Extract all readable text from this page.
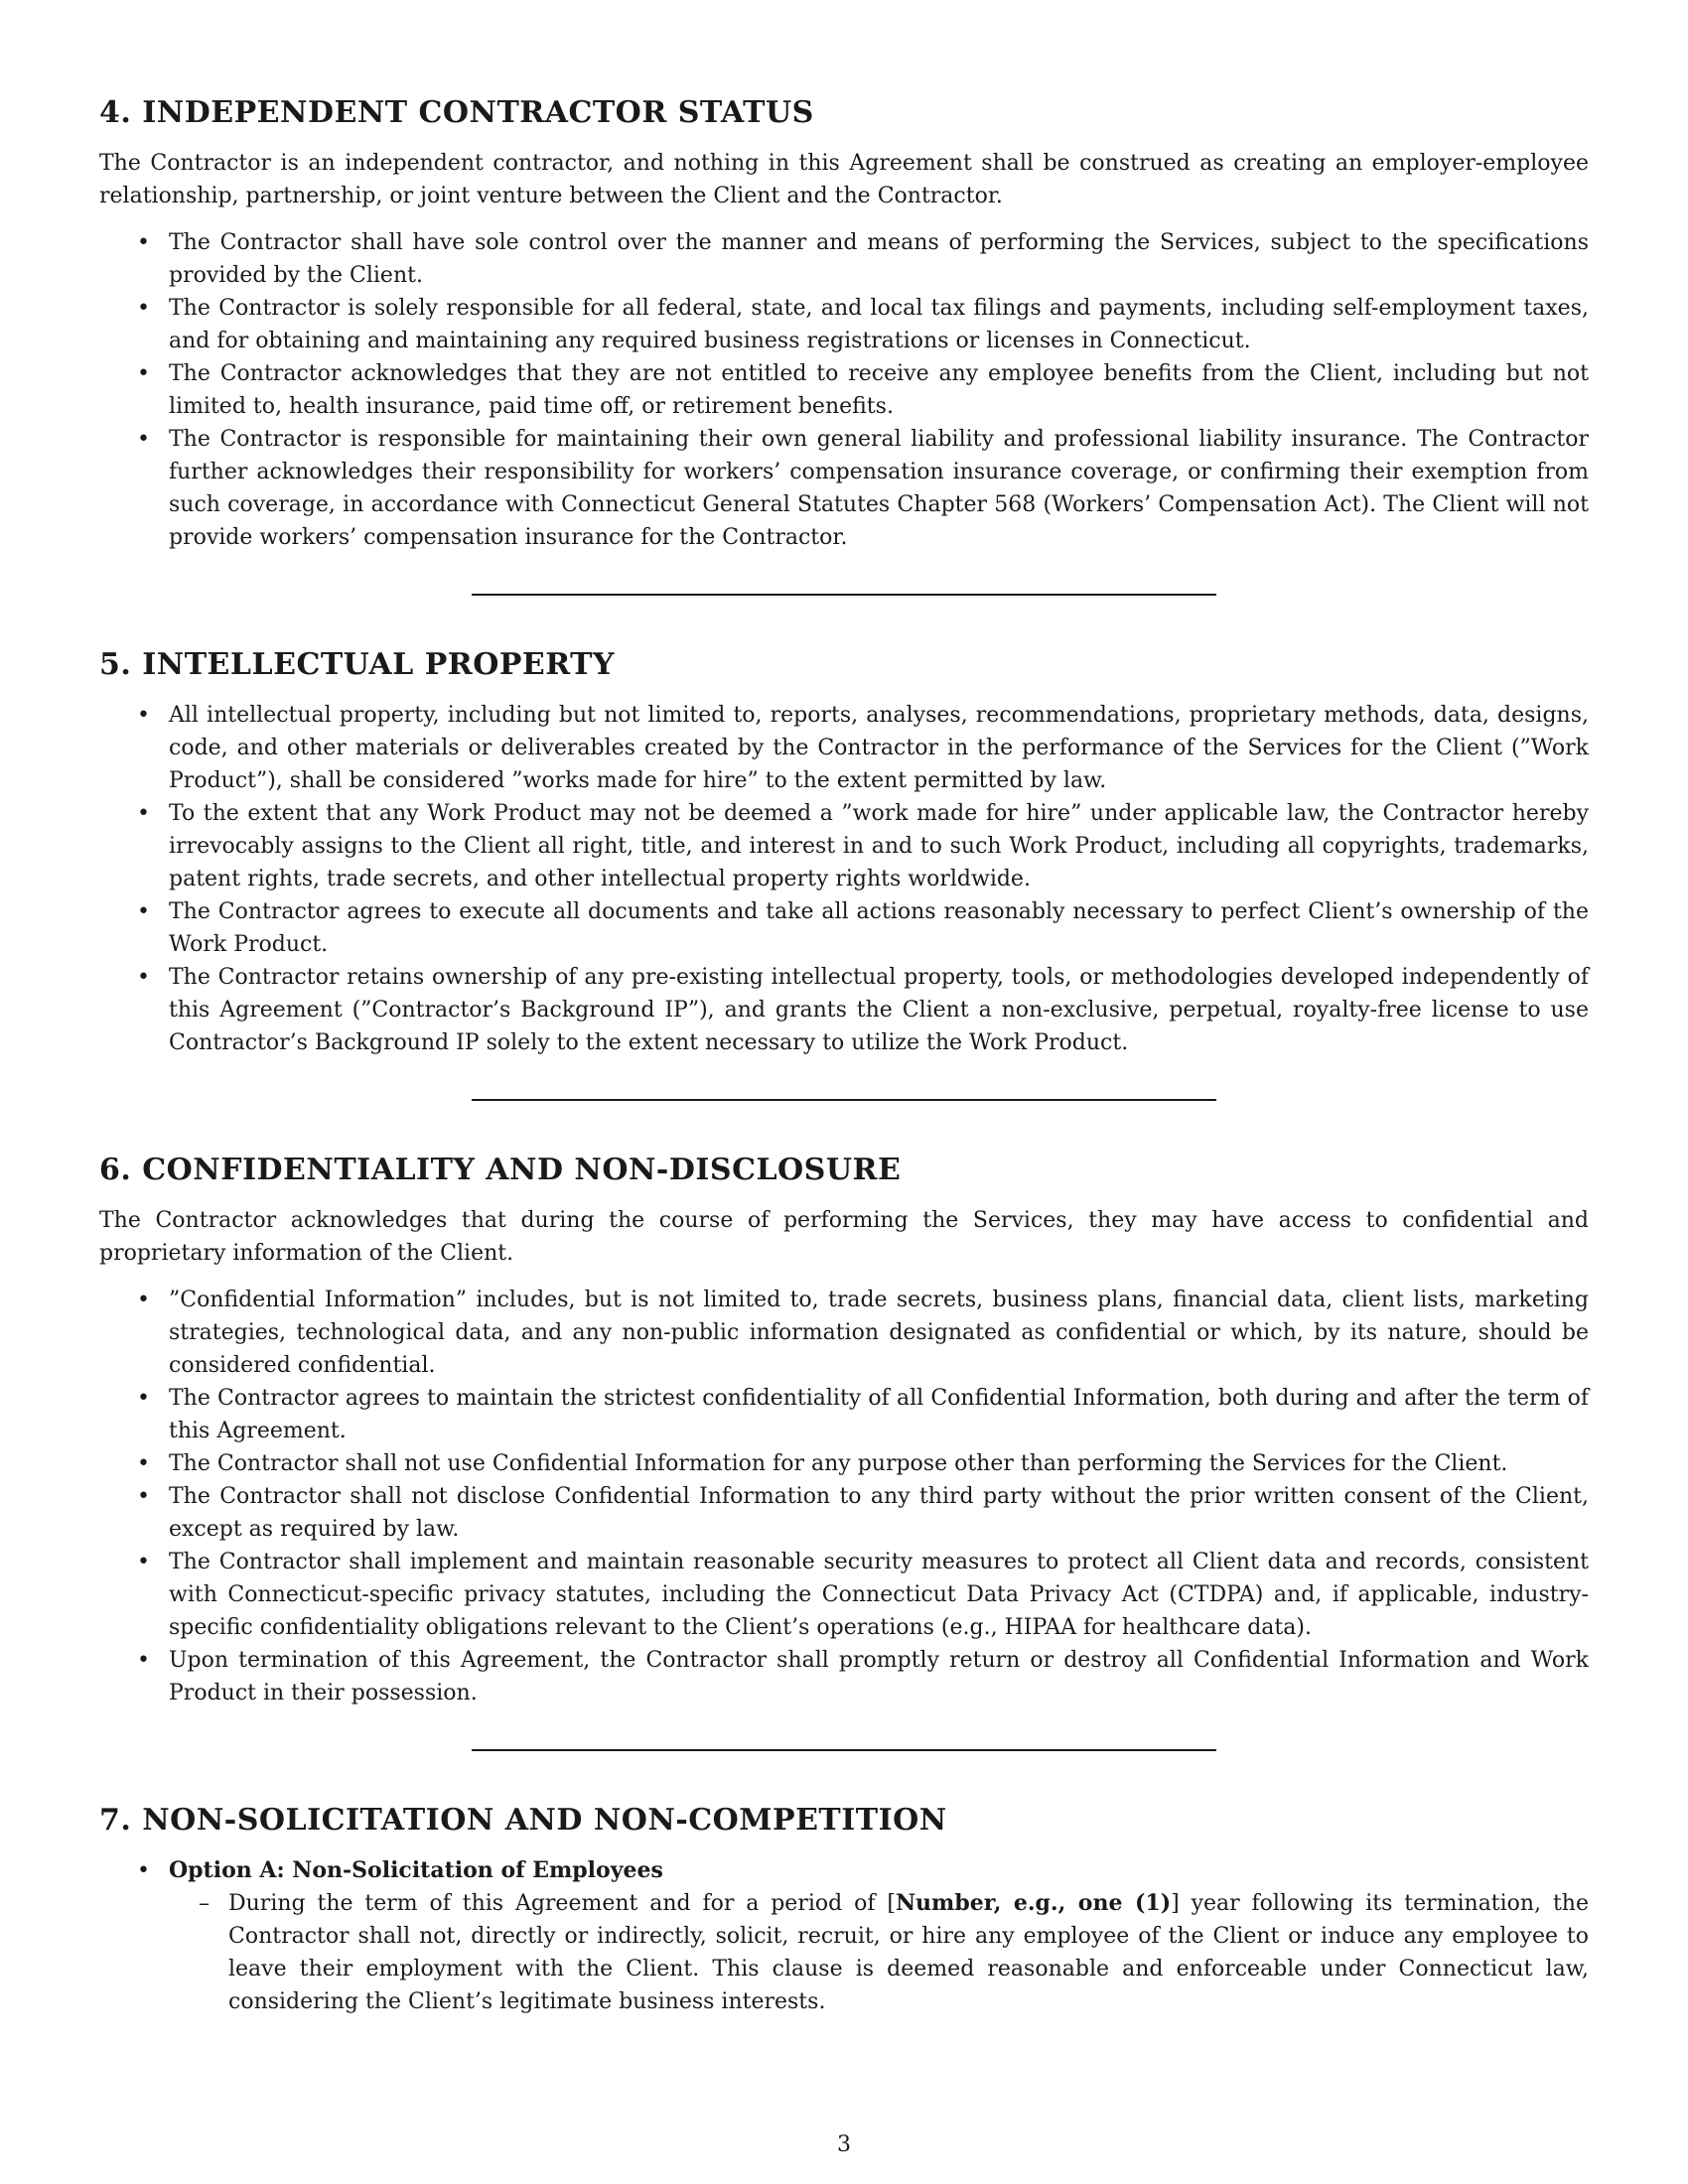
4. INDEPENDENT CONTRACTOR STATUS

The Contractor is an independent contractor, and nothing in this Agreement shall be construed as creating an employer-employee relationship, partnership, or joint venture between the Client and the Contractor.

• The Contractor shall have sole control over the manner and means of performing the Services, subject to the specifications provided by the Client.
• The Contractor is solely responsible for all federal, state, and local tax filings and payments, including self-employment taxes, and for obtaining and maintaining any required business registrations or licenses in Connecticut.
• The Contractor acknowledges that they are not entitled to receive any employee benefits from the Client, including but not limited to, health insurance, paid time off, or retirement benefits.
• The Contractor is responsible for maintaining their own general liability and professional liability insurance. The Contractor further acknowledges their responsibility for workers’ compensation insurance coverage, or confirming their exemption from such coverage, in accordance with Connecticut General Statutes Chapter 568 (Workers’ Compensation Act). The Client will not provide workers’ compensation insurance for the Contractor.
5. INTELLECTUAL PROPERTY
• All intellectual property, including but not limited to, reports, analyses, recommendations, proprietary methods, data, designs, code, and other materials or deliverables created by the Contractor in the performance of the Services for the Client (”Work Product”), shall be considered ”works made for hire” to the extent permitted by law.
• To the extent that any Work Product may not be deemed a ”work made for hire” under applicable law, the Contractor hereby irrevocably assigns to the Client all right, title, and interest in and to such Work Product, including all copyrights, trademarks, patent rights, trade secrets, and other intellectual property rights worldwide.
• The Contractor agrees to execute all documents and take all actions reasonably necessary to perfect Client’s ownership of the Work Product.
• The Contractor retains ownership of any pre-existing intellectual property, tools, or methodologies developed independently of this Agreement (”Contractor’s Background IP”), and grants the Client a non-exclusive, perpetual, royalty-free license to use Contractor’s Background IP solely to the extent necessary to utilize the Work Product.
6. CONFIDENTIALITY AND NON-DISCLOSURE

The Contractor acknowledges that during the course of performing the Services, they may have access to confidential and proprietary information of the Client.

• ”Confidential Information” includes, but is not limited to, trade secrets, business plans, financial data, client lists, marketing strategies, technological data, and any non-public information designated as confidential or which, by its nature, should be considered confidential.
• The Contractor agrees to maintain the strictest confidentiality of all Confidential Information, both during and after the term of this Agreement.
• The Contractor shall not use Confidential Information for any purpose other than performing the Services for the Client.
• The Contractor shall not disclose Confidential Information to any third party without the prior written consent of the Client, except as required by law.
• The Contractor shall implement and maintain reasonable security measures to protect all Client data and records, consistent with Connecticut-specific privacy statutes, including the Connecticut Data Privacy Act (CTDPA) and, if applicable, industry-specific confidentiality obligations relevant to the Client’s operations (e.g., HIPAA for healthcare data).
• Upon termination of this Agreement, the Contractor shall promptly return or destroy all Confidential Information and Work Product in their possession.
7. NON-SOLICITATION AND NON-COMPETITION
• Option A: Non-Solicitation of Employees
– During the term of this Agreement and for a period of [Number, e.g., one (1)] year following its termination, the Contractor shall not, directly or indirectly, solicit, recruit, or hire any employee of the Client or induce any employee to leave their employment with the Client. This clause is deemed reasonable and enforceable under Connecticut law, considering the Client’s legitimate business interests.
3
